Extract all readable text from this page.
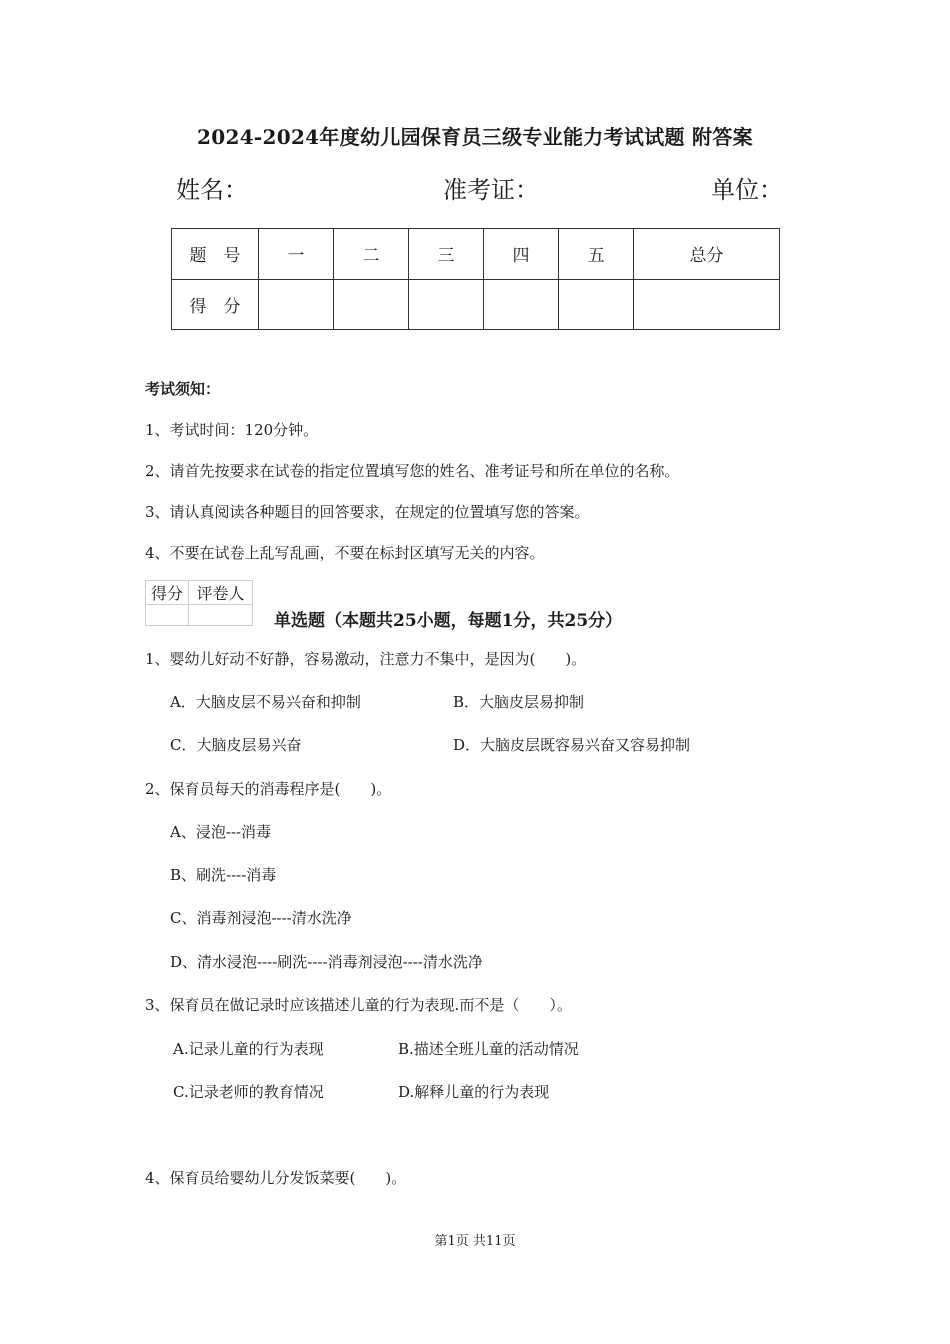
2024-2024年度幼儿园保育员三级专业能力考试试题 附答案
姓名：	准考证：	单位：
题　号	一	二	三	四	五	总分
得　分						
考试须知：
1、考试时间：120分钟。
2、请首先按要求在试卷的指定位置填写您的姓名、准考证号和所在单位的名称。
3、请认真阅读各种题目的回答要求，在规定的位置填写您的答案。
4、不要在试卷上乱写乱画，不要在标封区填写无关的内容。
得分	评卷人

单选题（本题共25小题，每题1分，共25分）
1、婴幼儿好动不好静，容易激动，注意力不集中，是因为(　　)。
A．大脑皮层不易兴奋和抑制	B．大脑皮层易抑制
C．大脑皮层易兴奋	D．大脑皮层既容易兴奋又容易抑制
2、保育员每天的消毒程序是(　　)。
A、浸泡---消毒
B、刷洗----消毒
C、消毒剂浸泡----清水洗净
D、清水浸泡----刷洗----消毒剂浸泡----清水洗净
3、保育员在做记录时应该描述儿童的行为表现.而不是（　　）。
A.记录儿童的行为表现	B.描述全班儿童的活动情况
C.记录老师的教育情况	D.解释儿童的行为表现
4、保育员给婴幼儿分发饭菜要(　　)。
第1页 共11页
